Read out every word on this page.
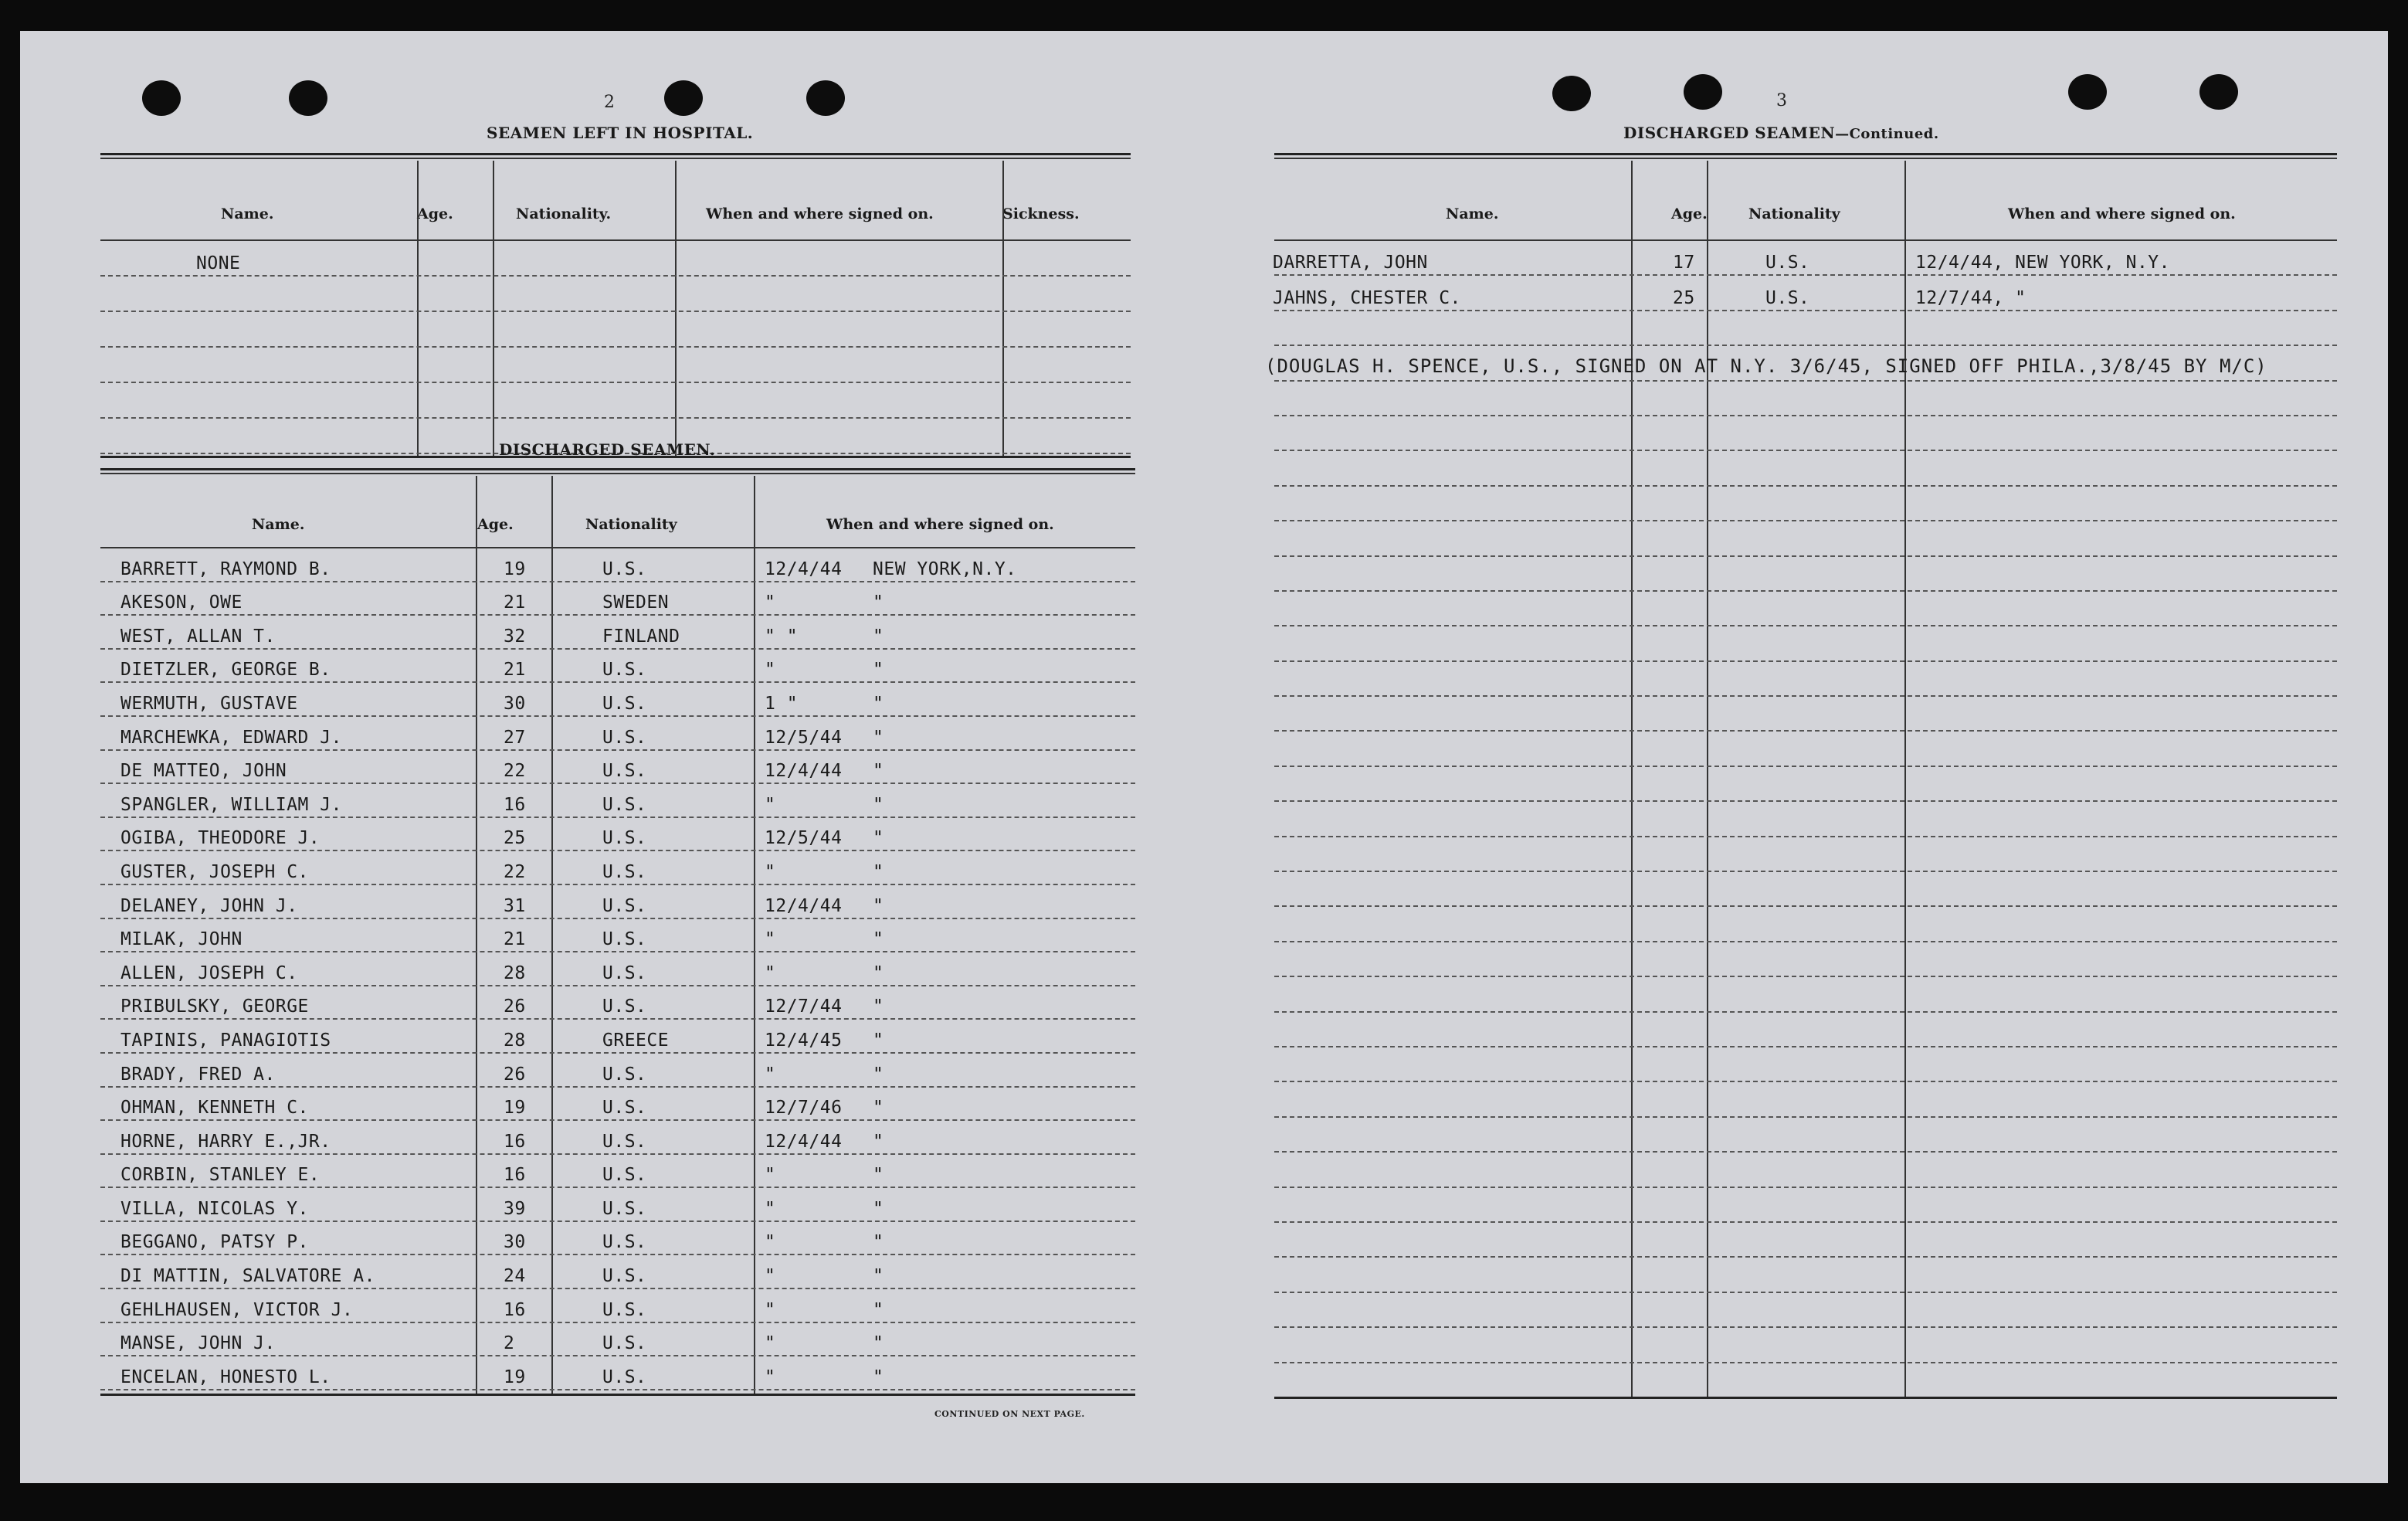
2
SEAMEN LEFT IN HOSPITAL.
Name.	Age.	Nationality.	When and where signed on.	Sickness.
NONE
DISCHARGED SEAMEN.
Name.	Age.	Nationality	When and where signed on.
BARRETT, RAYMOND B.	19	U.S.	12/4/44 NEW YORK,N.Y.
AKESON, OWE	21	SWEDEN	"	"
WEST, ALLAN T.	32	FINLAND	" "	"
DIETZLER, GEORGE B.	21	U.S.	"	"
WERMUTH, GUSTAVE	30	U.S.	1 "	"
MARCHEWKA, EDWARD J.	27	U.S.	12/5/44 "
DE MATTEO, JOHN	22	U.S.	12/4/44 "
SPANGLER, WILLIAM J.	16	U.S.	"	"
OGIBA, THEODORE J.	25	U.S.	12/5/44 "
GUSTER, JOSEPH C.	22	U.S.	"	"
DELANEY, JOHN J.	31	U.S.	12/4/44 "
MILAK, JOHN	21	U.S.	"	"
ALLEN, JOSEPH C.	28	U.S.	"	"
PRIBULSKY, GEORGE	26	U.S.	12/7/44 "
TAPINIS, PANAGIOTIS	28	GREECE	12/4/45 "
BRADY, FRED A.	26	U.S.	"	"
OHMAN, KENNETH C.	19	U.S.	12/7/46 "
HORNE, HARRY E.,JR.	16	U.S.	12/4/44 "
CORBIN, STANLEY E.	16	U.S.	"	"
VILLA, NICOLAS Y.	39	U.S.	"	"
BEGGANO, PATSY P.	30	U.S.	"	"
DI MATTIN, SALVATORE A.	24	U.S.	"	"
GEHLHAUSEN, VICTOR J.	16	U.S.	"	"
MANSE, JOHN J.	2	U.S.	"	"
ENCELAN, HONESTO L.	19	U.S.	"	"
CONTINUED ON NEXT PAGE.
3
DISCHARGED SEAMEN—Continued.
Name.	Age.	Nationality	When and where signed on.
DARRETTA, JOHN	17	U.S.	12/4/44, NEW YORK, N.Y.
JAHNS, CHESTER C.	25	U.S.	12/7/44, "
(DOUGLAS H. SPENCE, U.S., SIGNED ON AT N.Y. 3/6/45, SIGNED OFF PHILA.,3/8/45 BY M/C)
